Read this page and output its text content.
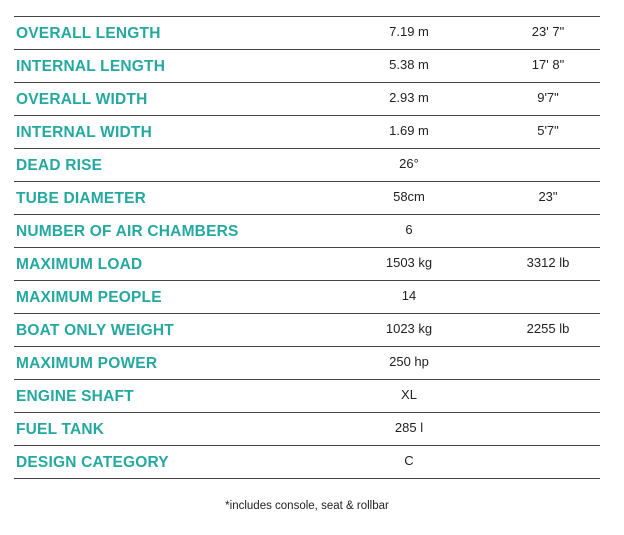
OVERALL LENGTH	7.19 m	23' 7"
INTERNAL LENGTH	5.38 m	17' 8"
OVERALL WIDTH	2.93 m	9'7"
INTERNAL WIDTH	1.69 m	5'7"
DEAD RISE	26°
TUBE DIAMETER	58cm	23"
NUMBER OF AIR CHAMBERS	6
MAXIMUM LOAD	1503 kg	3312 lb
MAXIMUM PEOPLE	14
BOAT ONLY WEIGHT	1023 kg	2255 lb
MAXIMUM POWER	250 hp
ENGINE SHAFT	XL
FUEL TANK	285 l
DESIGN CATEGORY	C
*includes console, seat & rollbar
